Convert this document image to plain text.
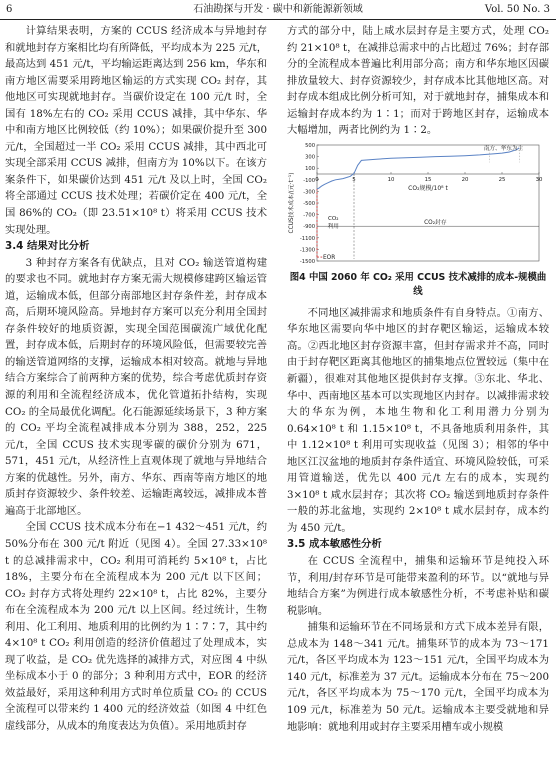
6	石油勘探与开发 · 碳中和新能源新领域	Vol. 50 No. 3

计算结果表明，方案的 CCUS 经济成本与异地封存和就地封存方案相比均有所降低，平均成本为 225 元/t，最高达到 451 元/t，平均输运距离达到 256 km，华东和南方地区需要采用跨地区输运的方式实现 CO₂ 封存，其他地区可实现就地封存。当碳价设定在 100 元/t 时，全国有 18%左右的 CO₂ 采用 CCUS 减排，其中华东、华中和南方地区比例较低（约 10%）；如果碳价提升至 300 元/t，全国超过一半 CO₂ 采用 CCUS 减排，其中西北可实现全部采用 CCUS 减排，但南方为 10%以下。在该方案条件下，如果碳价达到 451 元/t 及以上时，全国 CO₂ 将全部通过 CCUS 技术处理；若碳价定在 400 元/t，全国 86%的 CO₂（即 23.51×10⁸ t）将采用 CCUS 技术实现处理。

3.4 结果对比分析

3 种封存方案各有优缺点，且对 CO₂ 输送管道构建的要求也不同。就地封存方案无需大规模修建跨区输运管道，运输成本低，但部分南部地区封存条件差，封存成本高，后期环境风险高。异地封存方案可以充分利用全国封存条件较好的地质资源，实现全国范围碳流广域优化配置，封存成本低，后期封存的环境风险低，但需要较完善的输送管道网络的支撑，运输成本相对较高。就地与异地结合方案综合了前两种方案的优势，综合考虑优质封存资源的利用和全流程经济成本，优化管道拓扑结构，实现 CO₂ 的全局最优化调配。化石能源延续场景下，3 种方案的 CO₂ 平均全流程减排成本分别为 388，252，225 元/t，全国 CCUS 技术实现零碳的碳价分别为 671，571，451 元/t，从经济性上直观体现了就地与异地结合方案的优越性。另外，南方、华东、西南等南方地区的地质封存资源较少、条件较差、运输距离较远，减排成本普遍高于北部地区。

全国 CCUS 技术成本分布在−1 432～451 元/t，约 50%分布在 300 元/t 附近（见图 4）。全国 27.33×10⁸ t 的总减排需求中，CO₂ 利用可消耗约 5×10⁸ t，占比 18%，主要分布在全流程成本为 200 元/t 以下区间；CO₂ 封存方式将处理约 22×10⁸ t，占比 82%，主要分布在全流程成本为 200 元/t 以上区间。经过统计，生物利用、化工利用、地质利用的比例约为 1∶7∶7，其中约 4×10⁸ t CO₂ 利用创造的经济价值超过了处理成本，实现了收益，是 CO₂ 优先选择的减排方式，对应图 4 中纵坐标成本小于 0 的部分；3 种利用方式中，EOR 的经济效益最好，采用这种利用方式时单位质量 CO₂ 的 CCUS 全流程可以带来约 1 400 元的经济效益（如图 4 中红色虚线部分，从成本的角度表达为负值）。采用地质封存

方式的部分中，陆上咸水层封存是主要方式，处理 CO₂ 约 21×10⁸ t，在减排总需求中的占比超过 76%；封存部分的全流程成本普遍比利用部分高；南方和华东地区因碳排放量较大、封存资源较少，封存成本比其他地区高。对封存成本组成比例分析可知，对于就地封存，捕集成本和运输封存成本约为 1∶1；而对于跨地区封存，运输成本大幅增加，两者比例约为 1∶2。

500
300
100
-100
-300
-500
-700
-900
-1100
-1300
-1500
0	5	10	15	20	25	30
EOR
CO₂
利用
CO₂封存
南方、华东为主
CO₂规模/10⁸ t
CCUS技术成本/(元·t⁻¹)
图4 中国 2060 年 CO₂ 采用 CCUS 技术减排的成本-规模曲线

不同地区减排需求和地质条件有自身特点。①南方、华东地区需要向华中地区的封存靶区输运，运输成本较高。②西北地区封存资源丰富，但封存需求并不高，同时由于封存靶区距离其他地区的捕集地点位置较远（集中在新疆），很难对其他地区提供封存支撑。③东北、华北、华中、西南地区基本可以实现地区内封存。以减排需求较大的华东为例，本地生物和化工利用潜力分别为 0.64×10⁸ t 和 1.15×10⁸ t，不具备地质利用条件，其中 1.12×10⁸ t 利用可实现收益（见图 3）；相邻的华中地区江汉盆地的地质封存条件适宜、环境风险较低，可采用管道输送，优先以 400 元/t 左右的成本，实现约 3×10⁸ t 咸水层封存；其次将 CO₂ 输送到地质封存条件一般的苏北盆地，实现约 2×10⁸ t 咸水层封存，成本约为 450 元/t。

3.5 成本敏感性分析

在 CCUS 全流程中，捕集和运输环节是纯投入环节，利用/封存环节是可能带来盈利的环节。以“就地与异地结合方案”为例进行成本敏感性分析，不考虑补贴和碳税影响。

捕集和运输环节在不同场景和方式下成本差异有限，总成本为 148～341 元/t。捕集环节的成本为 73～171 元/t，各区平均成本为 123～151 元/t，全国平均成本为 140 元/t，标准差为 37 元/t。运输成本分布在 75～200 元/t，各区平均成本为 75～170 元/t，全国平均成本为 109 元/t，标准差为 50 元/t。运输成本主要受就地和异地影响：就地利用或封存主要采用槽车或小规模
